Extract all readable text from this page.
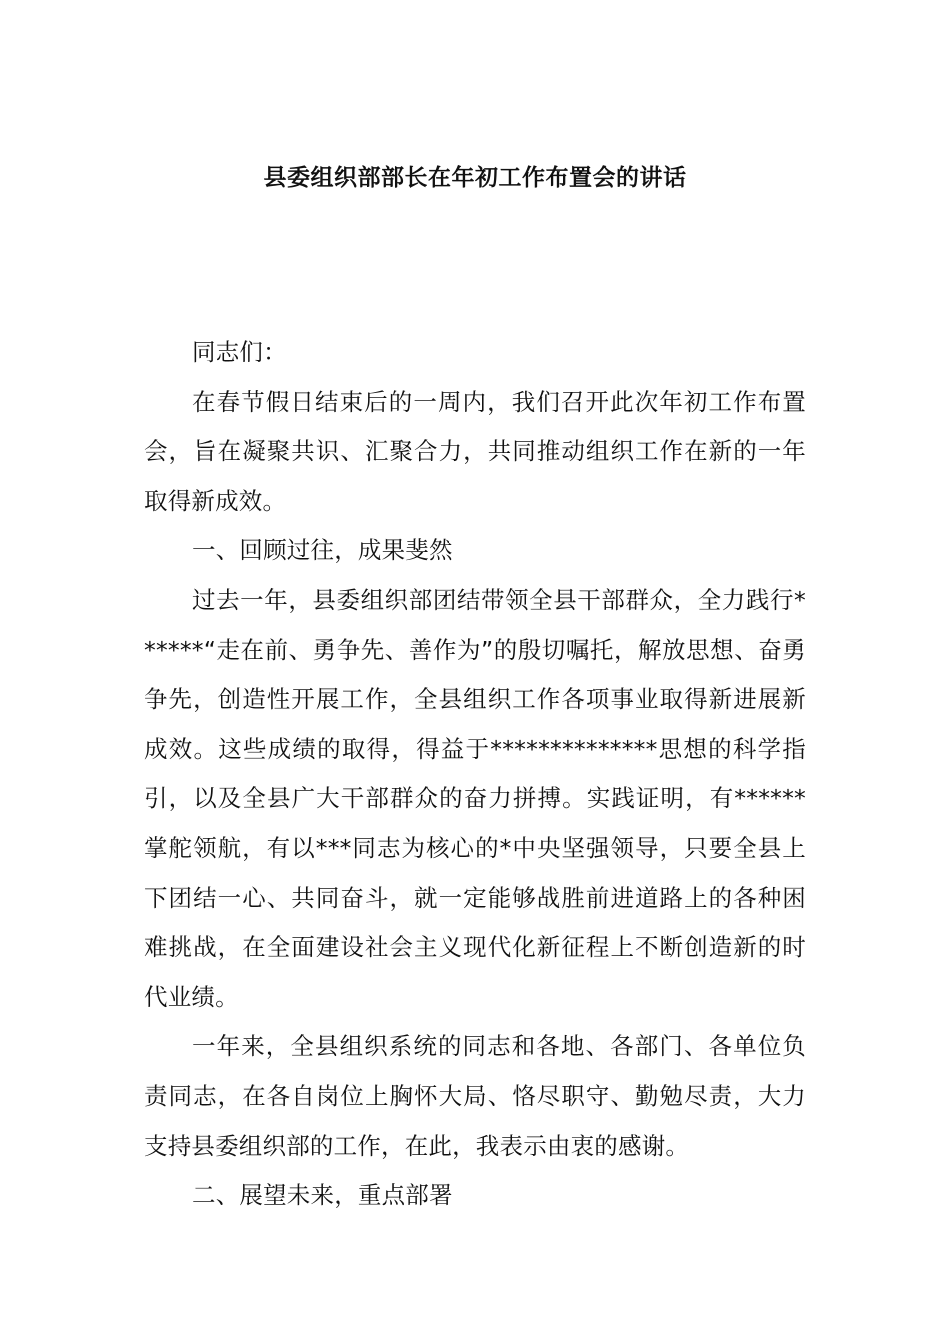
县委组织部部长在年初工作布置会的讲话

同志们：

在春节假日结束后的一周内，我们召开此次年初工作布置会，旨在凝聚共识、汇聚合力，共同推动组织工作在新的一年取得新成效。

一、回顾过往，成果斐然

过去一年，县委组织部团结带领全县干部群众，全力践行******“走在前、勇争先、善作为”的殷切嘱托，解放思想、奋勇争先，创造性开展工作，全县组织工作各项事业取得新进展新成效。这些成绩的取得，得益于**************思想的科学指引，以及全县广大干部群众的奋力拼搏。实践证明，有******掌舵领航，有以***同志为核心的*中央坚强领导，只要全县上下团结一心、共同奋斗，就一定能够战胜前进道路上的各种困难挑战，在全面建设社会主义现代化新征程上不断创造新的时代业绩。

一年来，全县组织系统的同志和各地、各部门、各单位负责同志，在各自岗位上胸怀大局、恪尽职守、勤勉尽责，大力支持县委组织部的工作，在此，我表示由衷的感谢。

二、展望未来，重点部署
